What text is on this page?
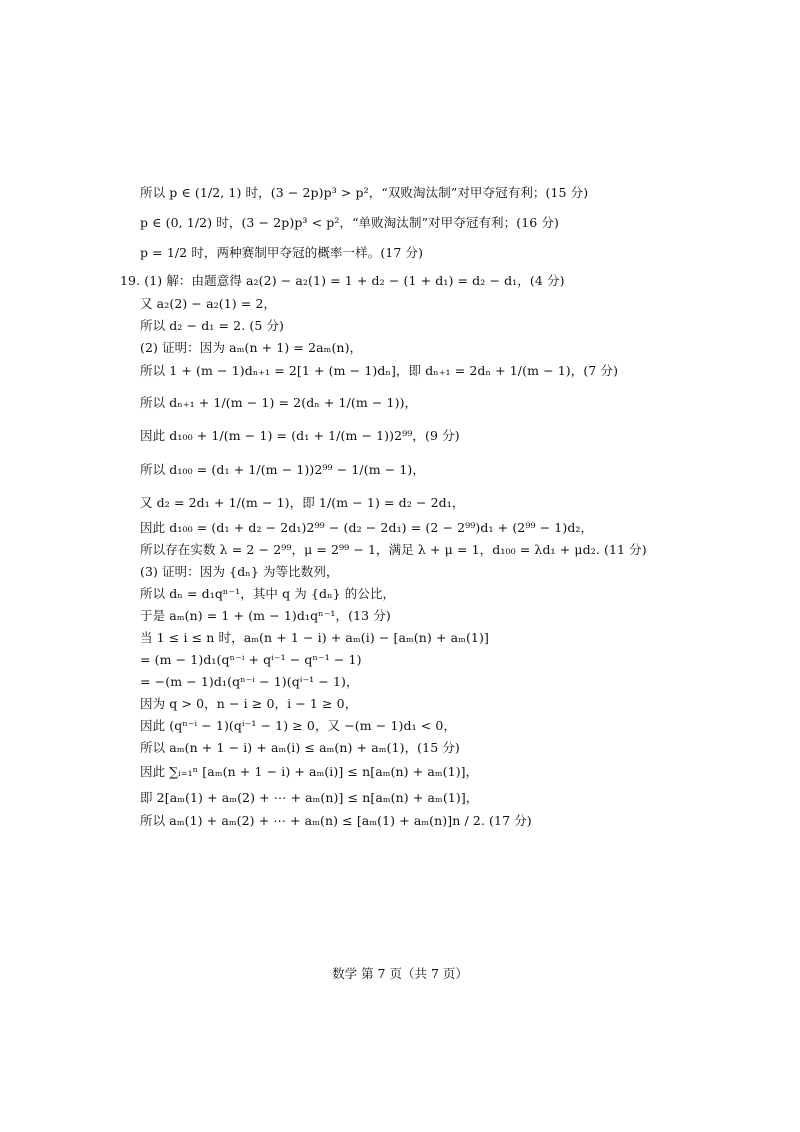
所以 p ∈ (1/2, 1) 时，(3 − 2p)p³ > p²，“双败淘汰制”对甲夺冠有利；(15 分)
p ∈ (0, 1/2) 时，(3 − 2p)p³ < p²，“单败淘汰制”对甲夺冠有利；(16 分)
p = 1/2 时，两种赛制甲夺冠的概率一样。(17 分)
19. (1) 解：由题意得 a₂(2) − a₂(1) = 1 + d₂ − (1 + d₁) = d₂ − d₁，(4 分)
又 a₂(2) − a₂(1) = 2，
所以 d₂ − d₁ = 2. (5 分)
(2) 证明：因为 aₘ(n + 1) = 2aₘ(n)，
所以 1 + (m − 1)dₙ₊₁ = 2[1 + (m − 1)dₙ]，即 dₙ₊₁ = 2dₙ + 1/(m − 1)，(7 分)
所以 dₙ₊₁ + 1/(m − 1) = 2(dₙ + 1/(m − 1))，
因此 d₁₀₀ + 1/(m − 1) = (d₁ + 1/(m − 1))2⁹⁹，(9 分)
所以 d₁₀₀ = (d₁ + 1/(m − 1))2⁹⁹ − 1/(m − 1)，
又 d₂ = 2d₁ + 1/(m − 1)，即 1/(m − 1) = d₂ − 2d₁，
因此 d₁₀₀ = (d₁ + d₂ − 2d₁)2⁹⁹ − (d₂ − 2d₁) = (2 − 2⁹⁹)d₁ + (2⁹⁹ − 1)d₂，
所以存在实数 λ = 2 − 2⁹⁹，μ = 2⁹⁹ − 1，满足 λ + μ = 1，d₁₀₀ = λd₁ + μd₂. (11 分)
(3) 证明：因为 {dₙ} 为等比数列，
所以 dₙ = d₁qⁿ⁻¹，其中 q 为 {dₙ} 的公比，
于是 aₘ(n) = 1 + (m − 1)d₁qⁿ⁻¹，(13 分)
当 1 ≤ i ≤ n 时，aₘ(n + 1 − i) + aₘ(i) − [aₘ(n) + aₘ(1)]
= (m − 1)d₁(qⁿ⁻ⁱ + qⁱ⁻¹ − qⁿ⁻¹ − 1)
= −(m − 1)d₁(qⁿ⁻ⁱ − 1)(qⁱ⁻¹ − 1)，
因为 q > 0，n − i ≥ 0，i − 1 ≥ 0，
因此 (qⁿ⁻ⁱ − 1)(qⁱ⁻¹ − 1) ≥ 0，又 −(m − 1)d₁ < 0，
所以 aₘ(n + 1 − i) + aₘ(i) ≤ aₘ(n) + aₘ(1)，(15 分)
因此 ∑ᵢ₌₁ⁿ [aₘ(n + 1 − i) + aₘ(i)] ≤ n[aₘ(n) + aₘ(1)]，
即 2[aₘ(1) + aₘ(2) + ⋯ + aₘ(n)] ≤ n[aₘ(n) + aₘ(1)]，
所以 aₘ(1) + aₘ(2) + ⋯ + aₘ(n) ≤ [aₘ(1) + aₘ(n)]n / 2. (17 分)
数学 第 7 页（共 7 页）
